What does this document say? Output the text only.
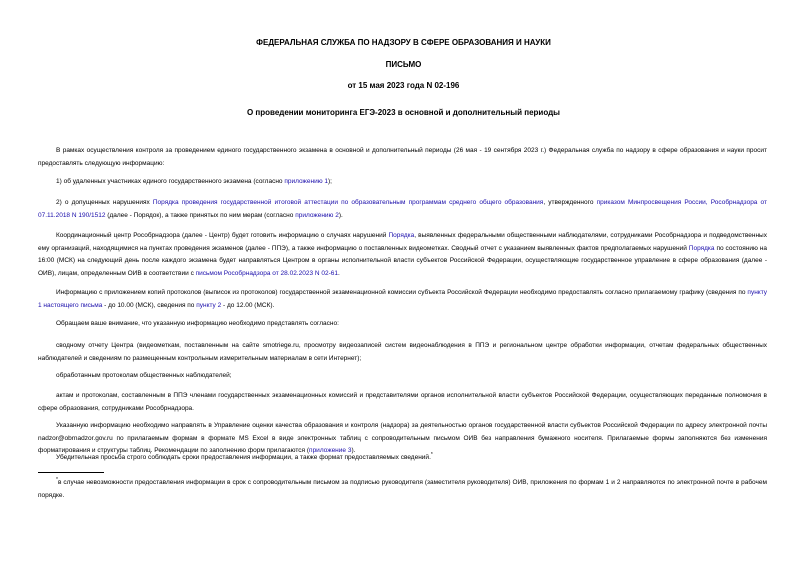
ФЕДЕРАЛЬНАЯ СЛУЖБА ПО НАДЗОРУ В СФЕРЕ ОБРАЗОВАНИЯ И НАУКИ
ПИСЬМО
от 15 мая 2023 года N 02-196
О проведении мониторинга ЕГЭ-2023 в основной и дополнительный периоды
В рамках осуществления контроля за проведением единого государственного экзамена в основной и дополнительный периоды (26 мая - 19 сентября 2023 г.) Федеральная служба по надзору в сфере образования и науки просит предоставлять следующую информацию:
1) об удаленных участниках единого государственного экзамена (согласно приложению 1);
2) о допущенных нарушениях Порядка проведения государственной итоговой аттестации по образовательным программам среднего общего образования, утвержденного приказом Минпросвещения России, Рособрнадзора от 07.11.2018 N 190/1512 (далее - Порядок), а также принятых по ним мерам (согласно приложению 2).
Координационный центр Рособрнадзора (далее - Центр) будет готовить информацию о случаях нарушений Порядка, выявленных федеральными общественными наблюдателями, сотрудниками Рособрнадзора и подведомственных ему организаций, находящимися на пунктах проведения экзаменов (далее - ППЭ), а также информацию о поставленных видеометках. Сводный отчет с указанием выявленных фактов предполагаемых нарушений Порядка по состоянию на 16:00 (МСК) на следующий день после каждого экзамена будет направляться Центром в органы исполнительной власти субъектов Российской Федерации, осуществляющие государственное управление в сфере образования (далее - ОИВ), лицам, определенным ОИВ в соответствии с письмом Рособрнадзора от 28.02.2023 N 02-61.
Информацию с приложением копий протоколов (выписок из протоколов) государственной экзаменационной комиссии субъекта Российской Федерации необходимо предоставлять согласно прилагаемому графику (сведения по пункту 1 настоящего письма - до 10.00 (МСК), сведения по пункту 2 - до 12.00 (МСК).
Обращаем ваше внимание, что указанную информацию необходимо представлять согласно:
сводному отчету Центра (видеометкам, поставленным на сайте smotriege.ru, просмотру видеозаписей систем видеонаблюдения в ППЭ и региональном центре обработки информации, отчетам федеральных общественных наблюдателей и сведениям по размещенным контрольным измерительным материалам в сети Интернет);
обработанным протоколам общественных наблюдателей;
актам и протоколам, составленным в ППЭ членами государственных экзаменационных комиссий и представителями органов исполнительной власти субъектов Российской Федерации, осуществляющих переданные полномочия в сфере образования, сотрудниками Рособрнадзора.
Указанную информацию необходимо направлять в Управление оценки качества образования и контроля (надзора) за деятельностью органов государственной власти субъектов Российской Федерации по адресу электронной почты nadzor@obrnadzor.gov.ru по прилагаемым формам в формате MS Excel в виде электронных таблиц с сопроводительным письмом ОИВ без направления бумажного носителя. Прилагаемые формы заполняются без изменения форматирования и структуры таблиц. Рекомендации по заполнению форм прилагаются (приложение 3).
Убедительная просьба строго соблюдать сроки предоставления информации, а также формат предоставляемых сведений.*
*в случае невозможности предоставления информации в срок с сопроводительным письмом за подписью руководителя (заместителя руководителя) ОИВ, приложения по формам 1 и 2 направляются по электронной почте в рабочем порядке.
